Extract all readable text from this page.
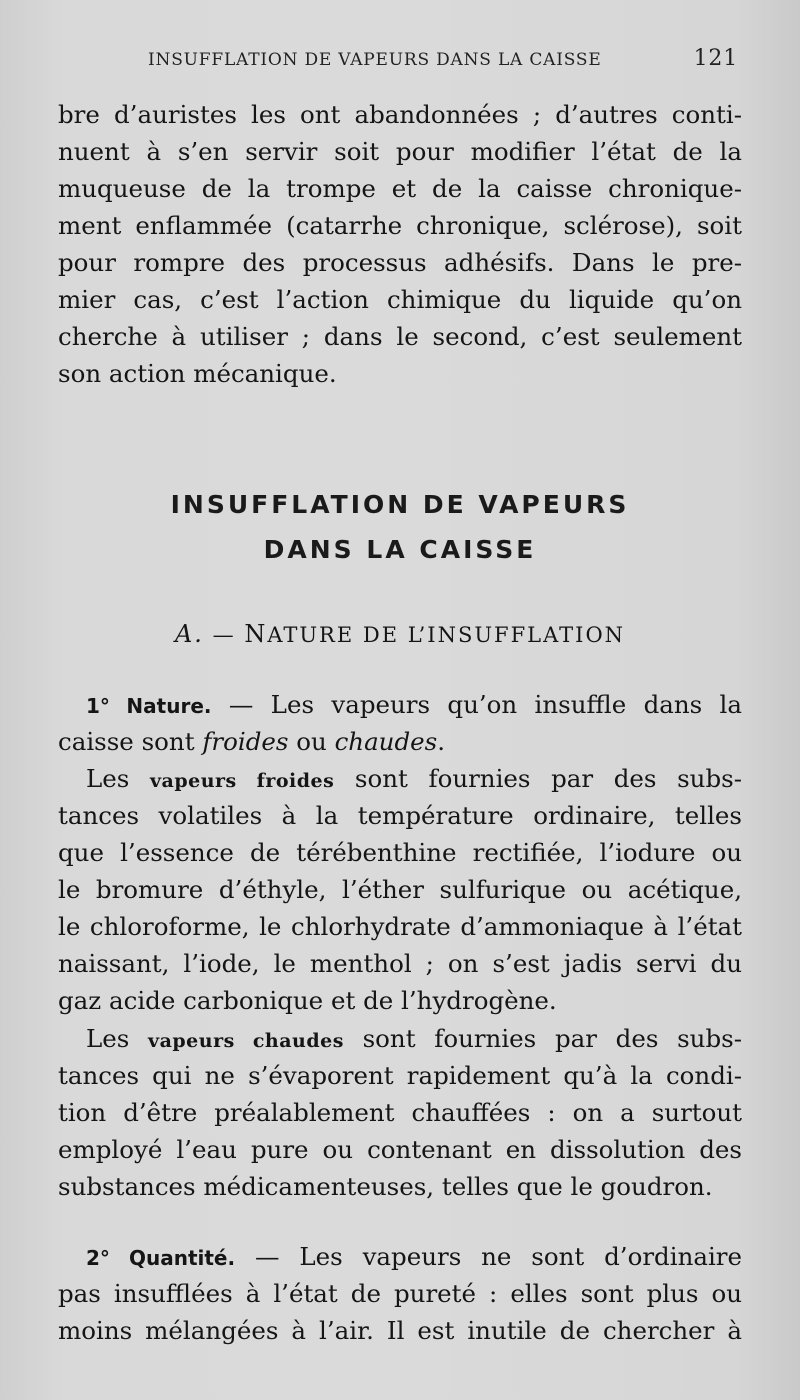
INSUFFLATION DE VAPEURS DANS LA CAISSE	121
bre d’auristes les ont abandonnées ; d’autres conti-
nuent à s’en servir soit pour modifier l’état de la
muqueuse de la trompe et de la caisse chronique-
ment enflammée (catarrhe chronique, sclérose), soit
pour rompre des processus adhésifs. Dans le pre-
mier cas, c’est l’action chimique du liquide qu’on
cherche à utiliser ; dans le second, c’est seulement
son action mécanique.
INSUFFLATION DE VAPEURS
DANS LA CAISSE
A. — NATURE DE L’INSUFFLATION
1° Nature. — Les vapeurs qu’on insuffle dans la
caisse sont froides ou chaudes.
Les vapeurs froides sont fournies par des subs-
tances volatiles à la température ordinaire, telles
que l’essence de térébenthine rectifiée, l’iodure ou
le bromure d’éthyle, l’éther sulfurique ou acétique,
le chloroforme, le chlorhydrate d’ammoniaque à l’état
naissant, l’iode, le menthol ; on s’est jadis servi du
gaz acide carbonique et de l’hydrogène.
Les vapeurs chaudes sont fournies par des subs-
tances qui ne s’évaporent rapidement qu’à la condi-
tion d’être préalablement chauffées : on a surtout
employé l’eau pure ou contenant en dissolution des
substances médicamenteuses, telles que le goudron.
2° Quantité. — Les vapeurs ne sont d’ordinaire
pas insufflées à l’état de pureté : elles sont plus ou
moins mélangées à l’air. Il est inutile de chercher à
